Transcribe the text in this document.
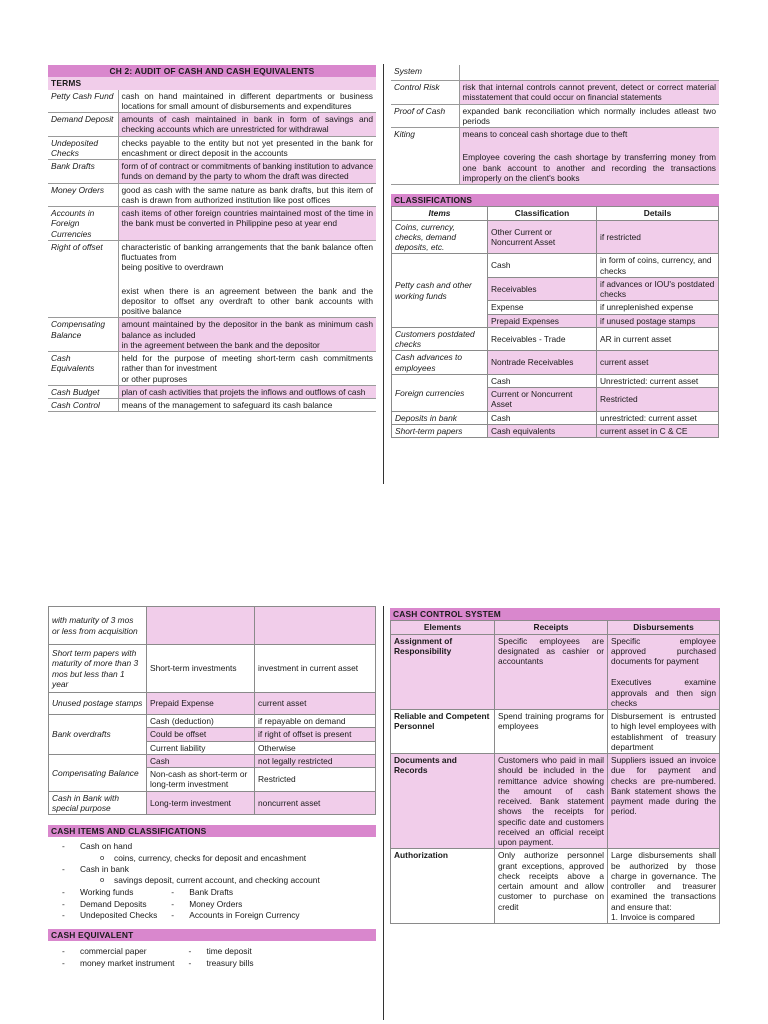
CH 2: AUDIT OF CASH AND CASH EQUIVALENTS
TERMS
Petty Cash Fund	cash on hand maintained in different departments or business locations for small amount of disbursements and expenditures

Demand Deposit	amounts of cash maintained in bank in form of savings and checking accounts which are unrestricted for withdrawal

Undeposited Checks	checks payable to the entity but not yet presented in the bank for encashment or direct deposit in the accounts

Bank Drafts	form of of contract or commitments of banking institution to advance funds on demand by the party to whom the draft was directed

Money Orders	good as cash with the same nature as bank drafts, but this item of cash is drawn from authorized institution like post offices

Accounts in Foreign Currencies	cash items of other foreign countries maintained most of the time in the bank must be converted in Philippine peso at year end

Right of offset	characteristic of banking arrangements that the bank balance often fluctuates from
being positive to overdrawn
exist when there is an agreement between the bank and the depositor to offset any overdraft to other bank accounts with positive balance

Compensating Balance	amount maintained by the depositor in the bank as minimum cash balance as included
in the agreement between the bank and the depositor

Cash Equivalents	held for the purpose of meeting short-term cash commitments rather than for investment
or other puproses

Cash Budget	plan of cash activities that projets the inflows and outflows of cash

Cash Control	means of the management to safeguard its cash balance
System	

Control Risk	risk that internal controls cannot prevent, detect or correct material misstatement that could occur on financial statements

Proof of Cash	expanded bank reconciliation which normally includes atleast two periods

Kiting	means to conceal cash shortage due to theft
Employee covering the cash shortage by transferring money from one bank account to another and recording the transactions improperly on the client's books
CLASSIFICATIONS
Items	Classification	Details
Coins, currency, checks, demand deposits, etc.	Other Current or Noncurrent Asset	if restricted
Petty cash and other working funds	Cash	in form of coins, currency, and checks
	Receivables	if advances or IOU's postdated checks
	Expense	if unreplenished expense
	Prepaid Expenses	if unused postage stamps
Customers postdated checks	Receivables - Trade	AR in current asset
Cash advances to employees	Nontrade Receivables	current asset
Foreign currencies	Cash	Unrestricted: current asset
	Current or Noncurrent Asset	Restricted
Deposits in bank	Cash	unrestricted: current asset
Short-term papers	Cash equivalents	current asset in C & CE
with maturity of 3 mos or less from acquisition		
Short term papers with maturity of more than 3 mos but less than 1 year	Short-term investments	investment in current asset
Unused postage stamps	Prepaid Expense	current asset
Bank overdrafts	Cash (deduction)	if repayable on demand
	Could be offset	if right of offset is present
	Current liability	Otherwise
Compensating Balance	Cash	not legally restricted
	Non-cash as short-term or long-term investment	Restricted
Cash in Bank with special purpose	Long-term investment	noncurrent asset
CASH ITEMS AND CLASSIFICATIONS
- Cash on hand
o coins, currency, checks for deposit and encashment
- Cash in bank
o savings deposit, current account, and checking account
- Working funds
- Demand Deposits
- Undeposited Checks
- Bank Drafts
- Money Orders
- Accounts in Foreign Currency
CASH EQUIVALENT
- commercial paper
- money market instrument
- time deposit
- treasury bills
CASH CONTROL SYSTEM
Elements	Receipts	Disbursements
Assignment of Responsibility	Specific employees are designated as cashier or accountants	Specific employee approved purchased documents for payment
Executives examine approvals and then sign checks

Reliable and Competent Personnel	Spend training programs for employees	Disbursement is entrusted to high level employees with establishment of treasury department

Documents and Records	Customers who paid in mail should be included in the remittance advice showing the amount of cash received. Bank statement shows the receipts for specific date and customers received an official receipt upon payment.	Suppliers issued an invoice due for payment and checks are pre-numbered. Bank statement shows the payment made during the period.

Authorization	Only authorize personnel grant exceptions, approved check receipts above a certain amount and allow customer to purchase on credit	Large disbursements shall be authorized by those charge in governance. The controller and treasurer examined the transactions and ensure that:
1. Invoice is compared
